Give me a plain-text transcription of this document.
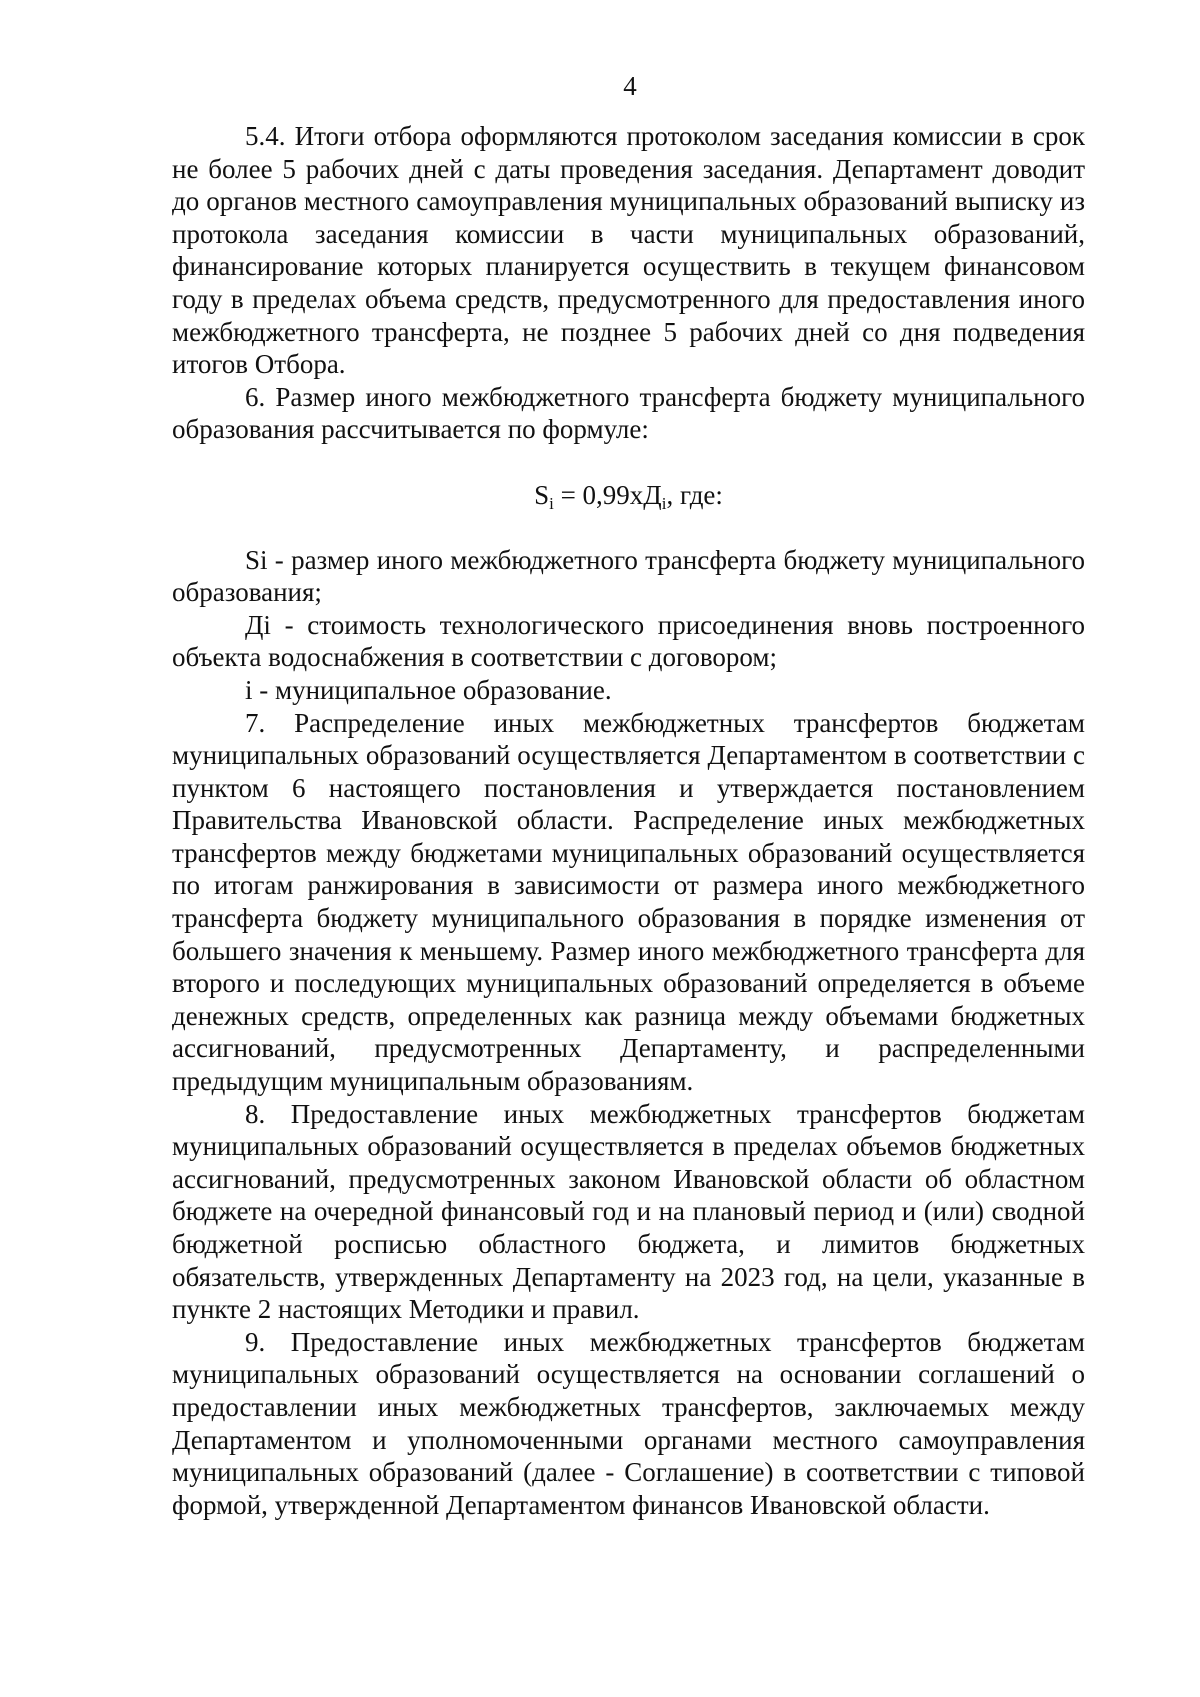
4

5.4. Итоги отбора оформляются протоколом заседания комиссии в срок не более 5 рабочих дней с даты проведения заседания. Департамент доводит до органов местного самоуправления муниципальных образований выписку из протокола заседания комиссии в части муниципальных образований, финансирование которых планируется осуществить в текущем финансовом году в пределах объема средств, предусмотренного для предоставления иного межбюджетного трансферта, не позднее 5 рабочих дней со дня подведения итогов Отбора.

6. Размер иного межбюджетного трансферта бюджету муниципального образования рассчитывается по формуле:

$S_i = 0,99хД_i$, где:

Si - размер иного межбюджетного трансферта бюджету муниципального образования;

Дi - стоимость технологического присоединения вновь построенного объекта водоснабжения в соответствии с договором;

i - муниципальное образование.

7. Распределение иных межбюджетных трансфертов бюджетам муниципальных образований осуществляется Департаментом в соответствии с пунктом 6 настоящего постановления и утверждается постановлением Правительства Ивановской области. Распределение иных межбюджетных трансфертов между бюджетами муниципальных образований осуществляется по итогам ранжирования в зависимости от размера иного межбюджетного трансферта бюджету муниципального образования в порядке изменения от большего значения к меньшему. Размер иного межбюджетного трансферта для второго и последующих муниципальных образований определяется в объеме денежных средств, определенных как разница между объемами бюджетных ассигнований, предусмотренных Департаменту, и распределенными предыдущим муниципальным образованиям.

8. Предоставление иных межбюджетных трансфертов бюджетам муниципальных образований осуществляется в пределах объемов бюджетных ассигнований, предусмотренных законом Ивановской области об областном бюджете на очередной финансовый год и на плановый период и (или) сводной бюджетной росписью областного бюджета, и лимитов бюджетных обязательств, утвержденных Департаменту на 2023 год, на цели, указанные в пункте 2 настоящих Методики и правил.

9. Предоставление иных межбюджетных трансфертов бюджетам муниципальных образований осуществляется на основании соглашений о предоставлении иных межбюджетных трансфертов, заключаемых между Департаментом и уполномоченными органами местного самоуправления муниципальных образований (далее - Соглашение) в соответствии с типовой формой, утвержденной Департаментом финансов Ивановской области.
